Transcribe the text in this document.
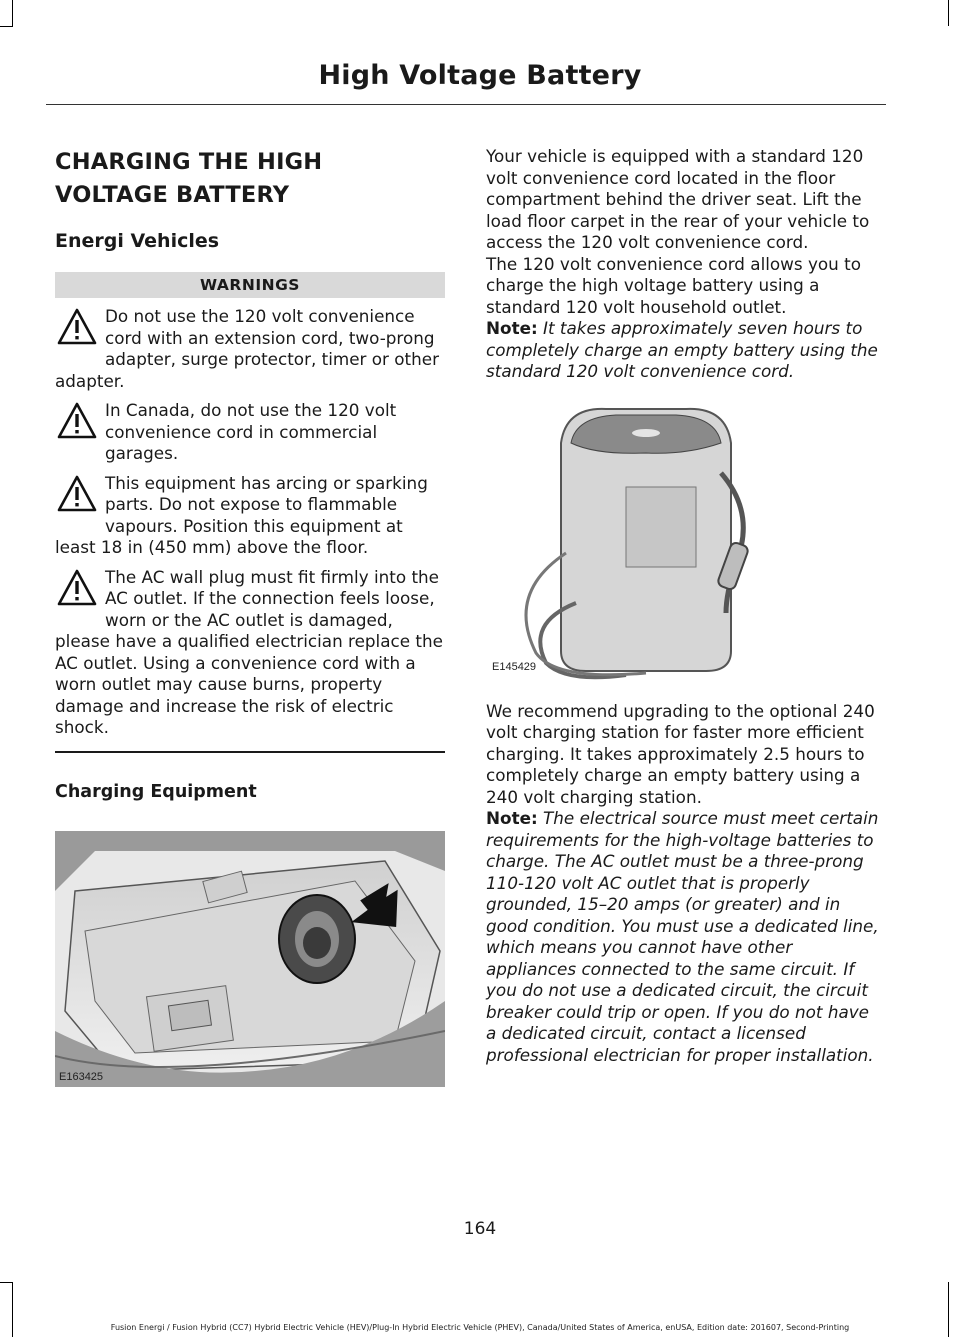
High Voltage Battery
CHARGING THE HIGH
VOLTAGE BATTERY
Energi Vehicles
WARNINGS

Do not use the 120 volt convenience cord with an extension cord, two-prong adapter, surge protector, timer or other adapter.

In Canada, do not use the 120 volt convenience cord in commercial garages.

This equipment has arcing or sparking parts. Do not expose to flammable vapours. Position this equipment at least 18 in (450 mm) above the floor.

The AC wall plug must fit firmly into the AC outlet. If the connection feels loose, worn or the AC outlet is damaged, please have a qualified electrician replace the AC outlet. Using a convenience cord with a worn outlet may cause burns, property damage and increase the risk of electric shock.

Charging Equipment
E163425

Your vehicle is equipped with a standard 120 volt convenience cord located in the floor compartment behind the driver seat. Lift the load floor carpet in the rear of your vehicle to access the 120 volt convenience cord.

The 120 volt convenience cord allows you to charge the high voltage battery using a standard 120 volt household outlet.

Note: It takes approximately seven hours to completely charge an empty battery using the standard 120 volt convenience cord.

E145429

We recommend upgrading to the optional 240 volt charging station for faster more efficient charging. It takes approximately 2.5 hours to completely charge an empty battery using a 240 volt charging station.

Note: The electrical source must meet certain requirements for the high-voltage batteries to charge. The AC outlet must be a three-prong 110-120 volt AC outlet that is properly grounded, 15–20 amps (or greater) and in good condition. You must use a dedicated line, which means you cannot have other appliances connected to the same circuit. If you do not use a dedicated circuit, the circuit breaker could trip or open. If you do not have a dedicated circuit, contact a licensed professional electrician for proper installation.

164
Fusion Energi / Fusion Hybrid (CC7) Hybrid Electric Vehicle (HEV)/Plug-In Hybrid Electric Vehicle (PHEV), Canada/United States of America, enUSA, Edition date: 201607, Second-Printing
